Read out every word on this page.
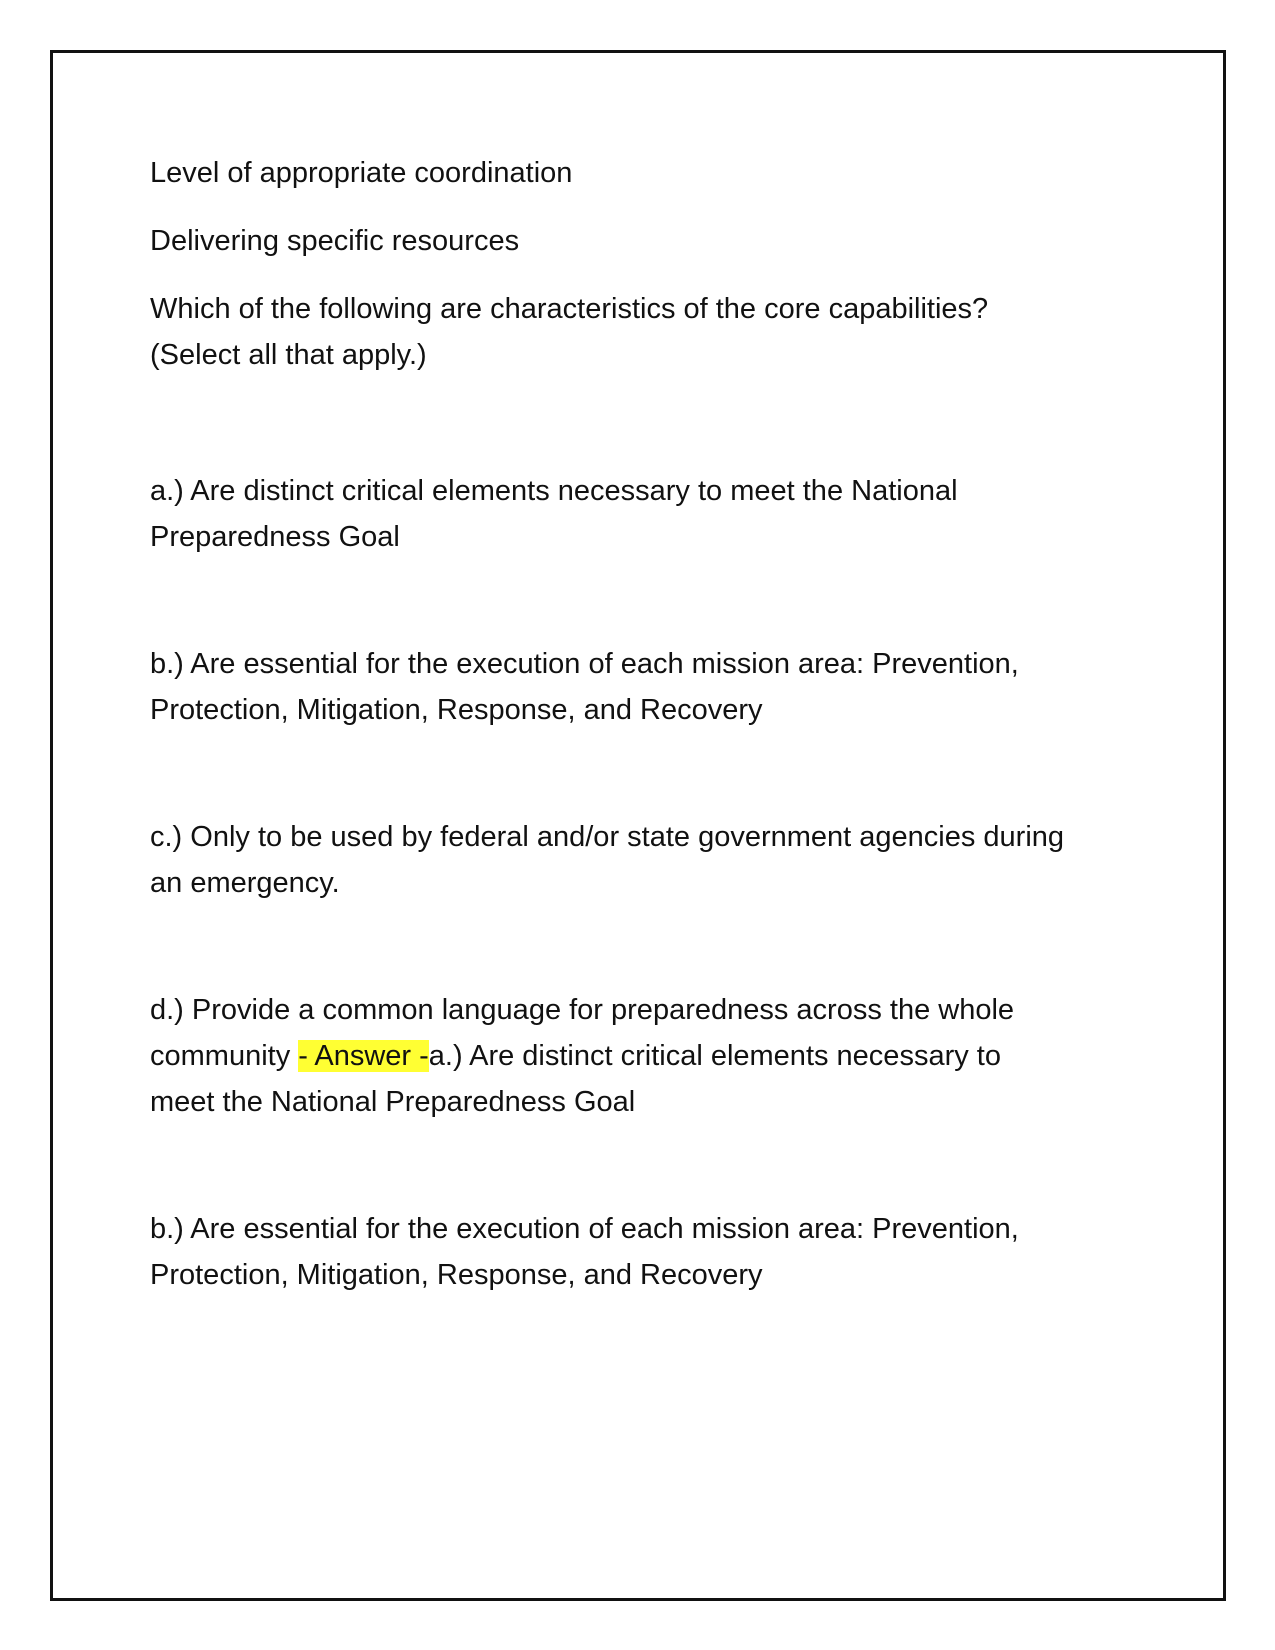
Level of appropriate coordination

Delivering specific resources

Which of the following are characteristics of the core capabilities?

(Select all that apply.)

a.) Are distinct critical elements necessary to meet the National

Preparedness Goal

b.) Are essential for the execution of each mission area: Prevention,

Protection, Mitigation, Response, and Recovery

c.) Only to be used by federal and/or state government agencies during

an emergency.

d.) Provide a common language for preparedness across the whole

community - Answer -a.) Are distinct critical elements necessary to

meet the National Preparedness Goal

b.) Are essential for the execution of each mission area: Prevention,

Protection, Mitigation, Response, and Recovery
